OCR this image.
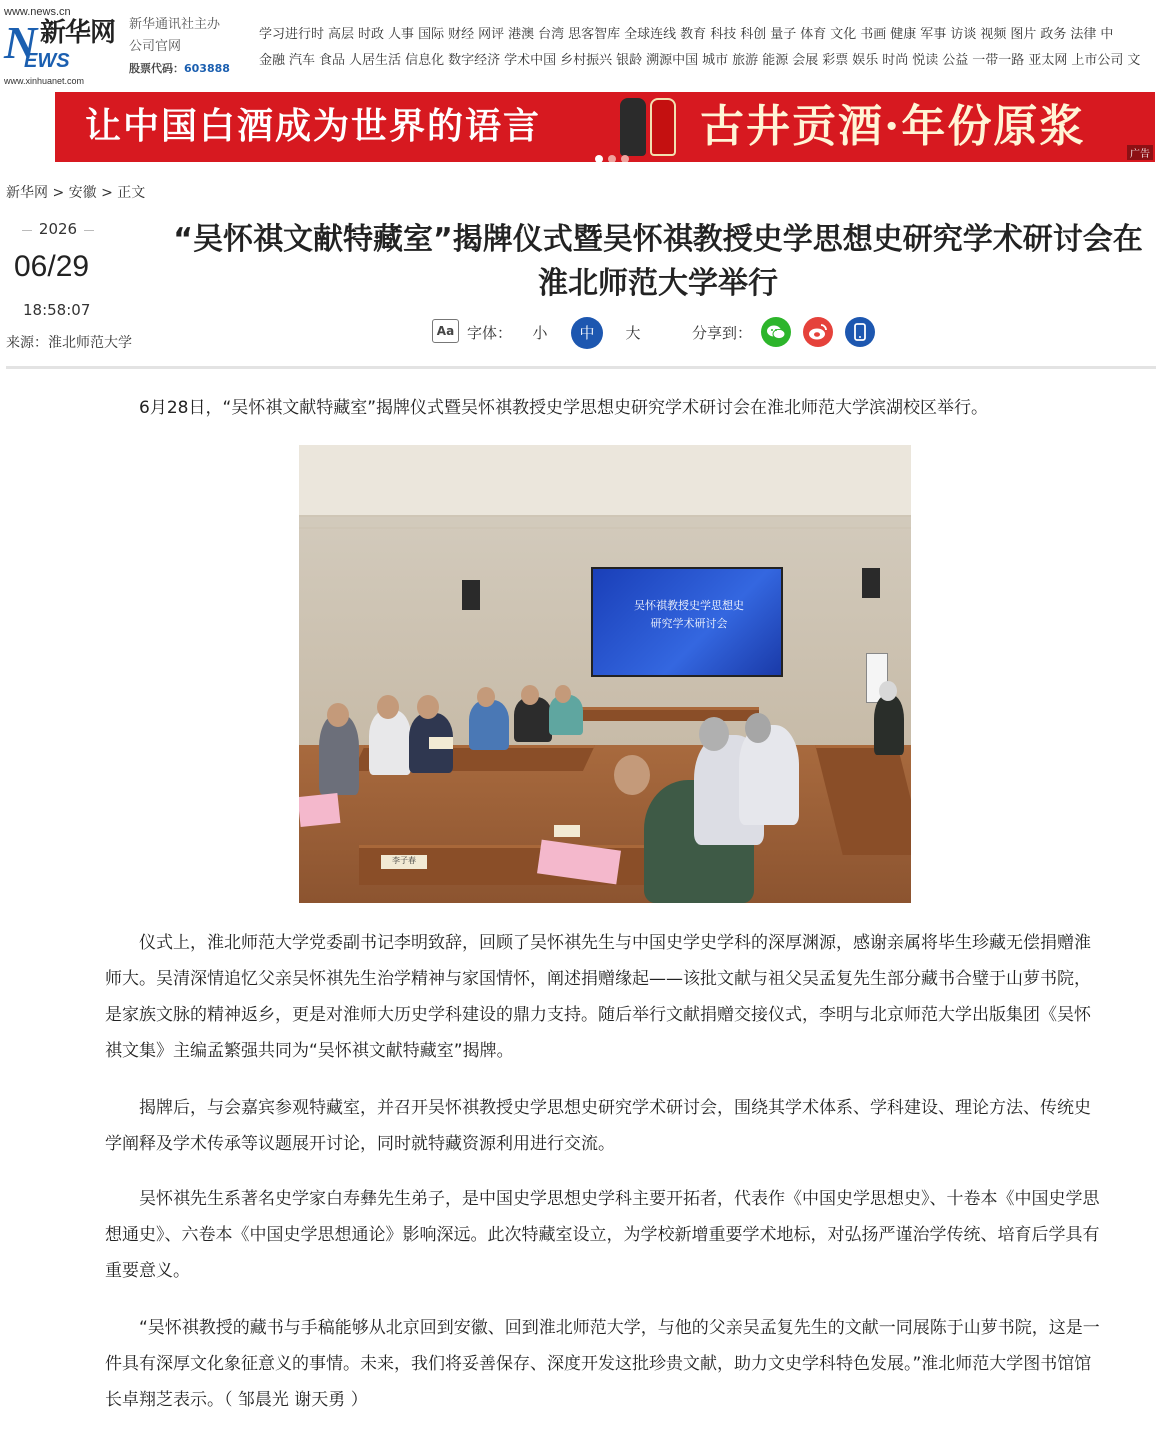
www.news.cn
N 新华网
EWS
www.xinhuanet.com
新华通讯社主办
公司官网
股票代码：603888
学习进行时 高层 时政 人事 国际 财经 网评 港澳 台湾 思客智库 全球连线 教育 科技 科创 量子 体育 文化 书画 健康 军事 访谈 视频 图片 政务 法律 中
金融 汽车 食品 人居生活 信息化 数字经济 学术中国 乡村振兴 银龄 溯源中国 城市 旅游 能源 会展 彩票 娱乐 时尚 悦读 公益 一带一路 亚太网 上市公司 文
让中国白酒成为世界的语言	古井贡酒·年份原浆
广告
新华网 > 安徽 > 正文
2026
06/29
18:58:07
来源：淮北师范大学
“吴怀祺文献特藏室”揭牌仪式暨吴怀祺教授史学思想史研究学术研讨会在淮北师范大学举行
Aa 字体：	小	中	大	分享到：

6月28日，“吴怀祺文献特藏室”揭牌仪式暨吴怀祺教授史学思想史研究学术研讨会在淮北师范大学滨湖校区举行。

吴怀祺教授史学思想史
研究学术研讨会
李子春

仪式上，淮北师范大学党委副书记李明致辞，回顾了吴怀祺先生与中国史学史学科的深厚渊源，感谢亲属将毕生珍藏无偿捐赠淮师大。吴清深情追忆父亲吴怀祺先生治学精神与家国情怀，阐述捐赠缘起——该批文献与祖父吴孟复先生部分藏书合璧于山萝书院，是家族文脉的精神返乡，更是对淮师大历史学科建设的鼎力支持。随后举行文献捐赠交接仪式，李明与北京师范大学出版集团《吴怀祺文集》主编孟繁强共同为“吴怀祺文献特藏室”揭牌。

揭牌后，与会嘉宾参观特藏室，并召开吴怀祺教授史学思想史研究学术研讨会，围绕其学术体系、学科建设、理论方法、传统史学阐释及学术传承等议题展开讨论，同时就特藏资源利用进行交流。

吴怀祺先生系著名史学家白寿彝先生弟子，是中国史学思想史学科主要开拓者，代表作《中国史学思想史》、十卷本《中国史学思想通史》、六卷本《中国史学思想通论》影响深远。此次特藏室设立，为学校新增重要学术地标，对弘扬严谨治学传统、培育后学具有重要意义。

“吴怀祺教授的藏书与手稿能够从北京回到安徽、回到淮北师范大学，与他的父亲吴孟复先生的文献一同展陈于山萝书院，这是一件具有深厚文化象征意义的事情。未来，我们将妥善保存、深度开发这批珍贵文献，助力文史学科特色发展。”淮北师范大学图书馆馆长卓翔芝表示。（ 邹晨光 谢天勇 ）
